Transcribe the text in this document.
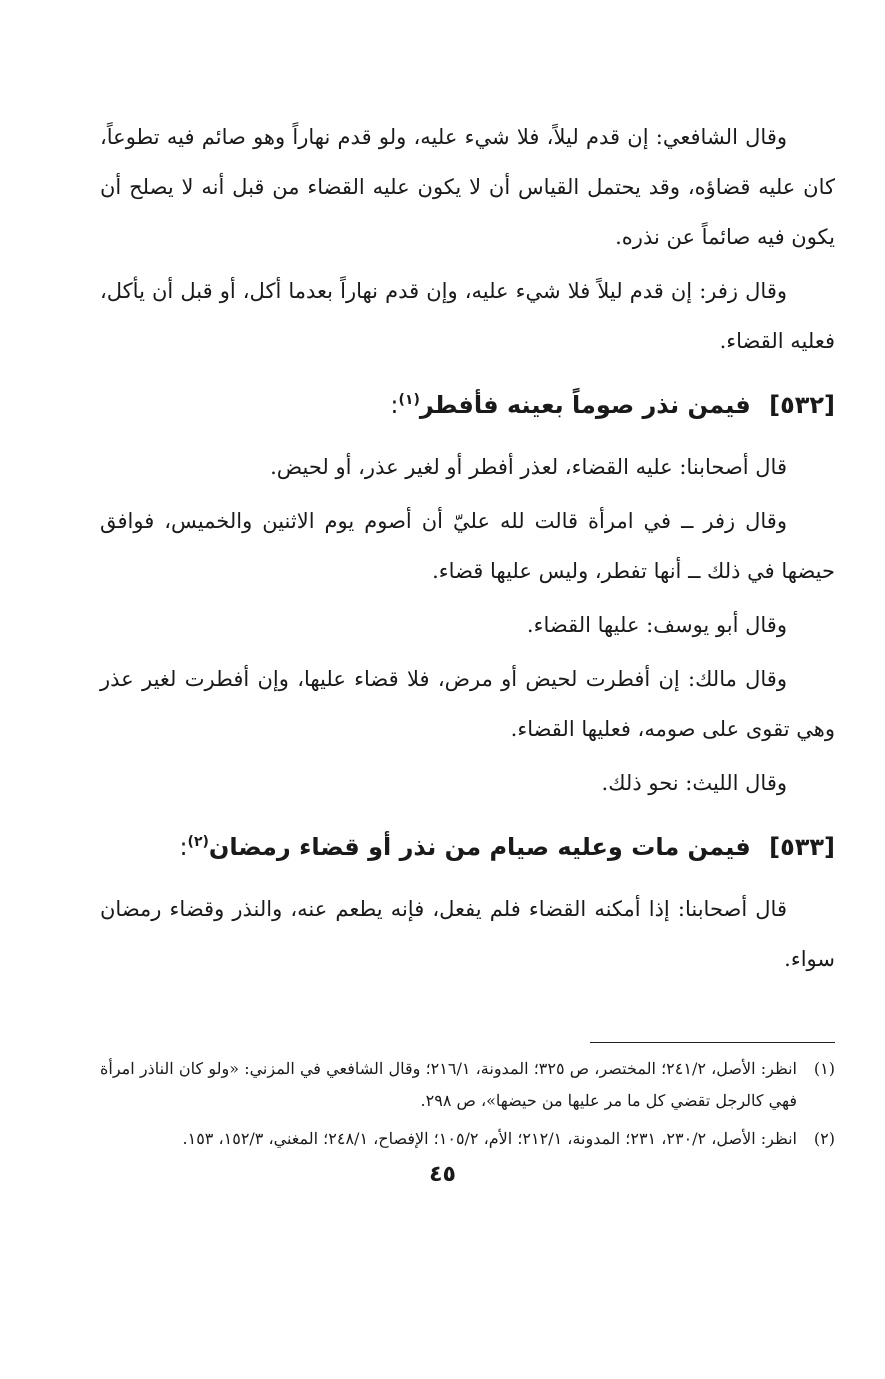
وقال الشافعي: إن قدم ليلاً، فلا شيء عليه، ولو قدم نهاراً وهو صائم فيه تطوعاً، كان عليه قضاؤه، وقد يحتمل القياس أن لا يكون عليه القضاء من قبل أنه لا يصلح أن يكون فيه صائماً عن نذره.

وقال زفر: إن قدم ليلاً فلا شيء عليه، وإن قدم نهاراً بعدما أكل، أو قبل أن يأكل، فعليه القضاء.

[٥٣٢] فيمن نذر صوماً بعينه فأفطر$^{(١)}$:

قال أصحابنا: عليه القضاء، لعذر أفطر أو لغير عذر، أو لحيض.

وقال زفر ــ في امرأة قالت لله عليّ أن أصوم يوم الاثنين والخميس، فوافق حيضها في ذلك ــ أنها تفطر، وليس عليها قضاء.

وقال أبو يوسف: عليها القضاء.

وقال مالك: إن أفطرت لحيض أو مرض، فلا قضاء عليها، وإن أفطرت لغير عذر وهي تقوى على صومه، فعليها القضاء.

وقال الليث: نحو ذلك.

[٥٣٣] فيمن مات وعليه صيام من نذر أو قضاء رمضان$^{(٢)}$:

قال أصحابنا: إذا أمكنه القضاء فلم يفعل، فإنه يطعم عنه، والنذر وقضاء رمضان سواء.

(١)
انظر: الأصل، ٢٤١/٢؛ المختصر، ص ٣٢٥؛ المدونة، ٢١٦/١؛ وقال الشافعي في المزني: «ولو كان الناذر امرأة فهي كالرجل تقضي كل ما مر عليها من حيضها»، ص ٢٩٨.
(٢)
انظر: الأصل، ٢٣٠/٢، ٢٣١؛ المدونة، ٢١٢/١؛ الأم، ١٠٥/٢؛ الإفصاح، ٢٤٨/١؛ المغني، ١٥٢/٣، ١٥٣.
٤٥
